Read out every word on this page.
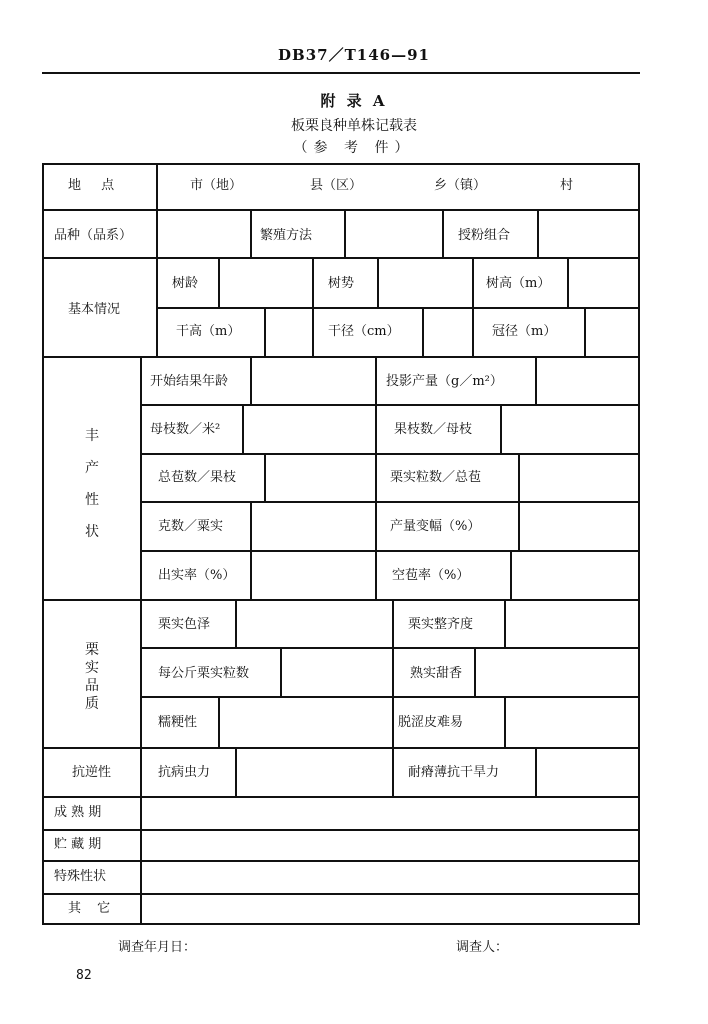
DB37／T146—91
附 录 A
板栗良种单株记载表
（参 考 件）
地 点	市（地）	县（区）	乡（镇）	村
品种（品系）	繁殖方法	授粉组合
基本情况
树龄	树势	树高（m）
干高（m）	干径（cm）	冠径（m）
丰
产
性
状
开始结果年龄	投影产量（g／m²）
母枝数／米²	果枝数／母枝
总苞数／果枝	栗实粒数／总苞
克数／粟实	产量变幅（%）
出实率（%）	空苞率（%）
栗
实
品
质
栗实色泽	栗实整齐度
每公斤栗实粒数	熟实甜香
糯粳性	脱涩皮难易
抗逆性	抗病虫力	耐瘠薄抗干旱力
成 熟 期
贮 藏 期
特殊性状
其 它
调查年月日：	调查人：
82
